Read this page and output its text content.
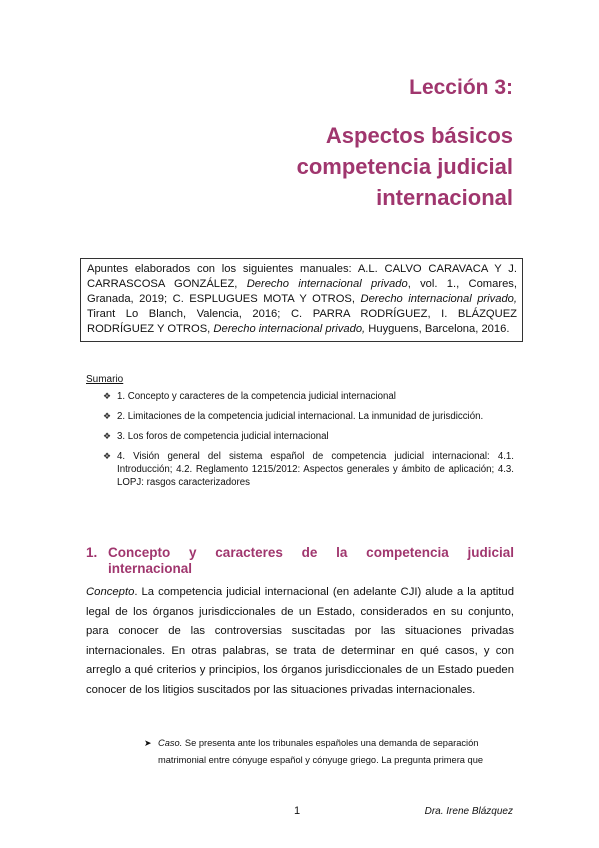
Lección 3:
Aspectos básicos
competencia judicial
internacional
Apuntes elaborados con los siguientes manuales: A.L. CALVO CARAVACA Y J. CARRASCOSA GONZÁLEZ, Derecho internacional privado, vol. 1., Comares, Granada, 2019; C. ESPLUGUES MOTA Y OTROS, Derecho internacional privado, Tirant Lo Blanch, Valencia, 2016; C. PARRA RODRÍGUEZ, I. BLÁZQUEZ RODRÍGUEZ Y OTROS, Derecho internacional privado, Huyguens, Barcelona, 2016.
Sumario
❖ 1. Concepto y caracteres de la competencia judicial internacional
❖ 2. Limitaciones de la competencia judicial internacional. La inmunidad de jurisdicción.
❖ 3. Los foros de competencia judicial internacional
❖ 4. Visión general del sistema español de competencia judicial internacional: 4.1. Introducción; 4.2. Reglamento 1215/2012: Aspectos generales y ámbito de aplicación; 4.3. LOPJ: rasgos caracterizadores
1. Concepto y caracteres de la competencia judicial
internacional
Concepto. La competencia judicial internacional (en adelante CJI) alude a la aptitud legal de los órganos jurisdiccionales de un Estado, considerados en su conjunto, para conocer de las controversias suscitadas por las situaciones privadas internacionales. En otras palabras, se trata de determinar en qué casos, y con arreglo a qué criterios y principios, los órganos jurisdiccionales de un Estado pueden conocer de los litigios suscitados por las situaciones privadas internacionales.
➤ Caso. Se presenta ante los tribunales españoles una demanda de separación matrimonial entre cónyuge español y cónyuge griego. La pregunta primera que
1	Dra. Irene Blázquez
